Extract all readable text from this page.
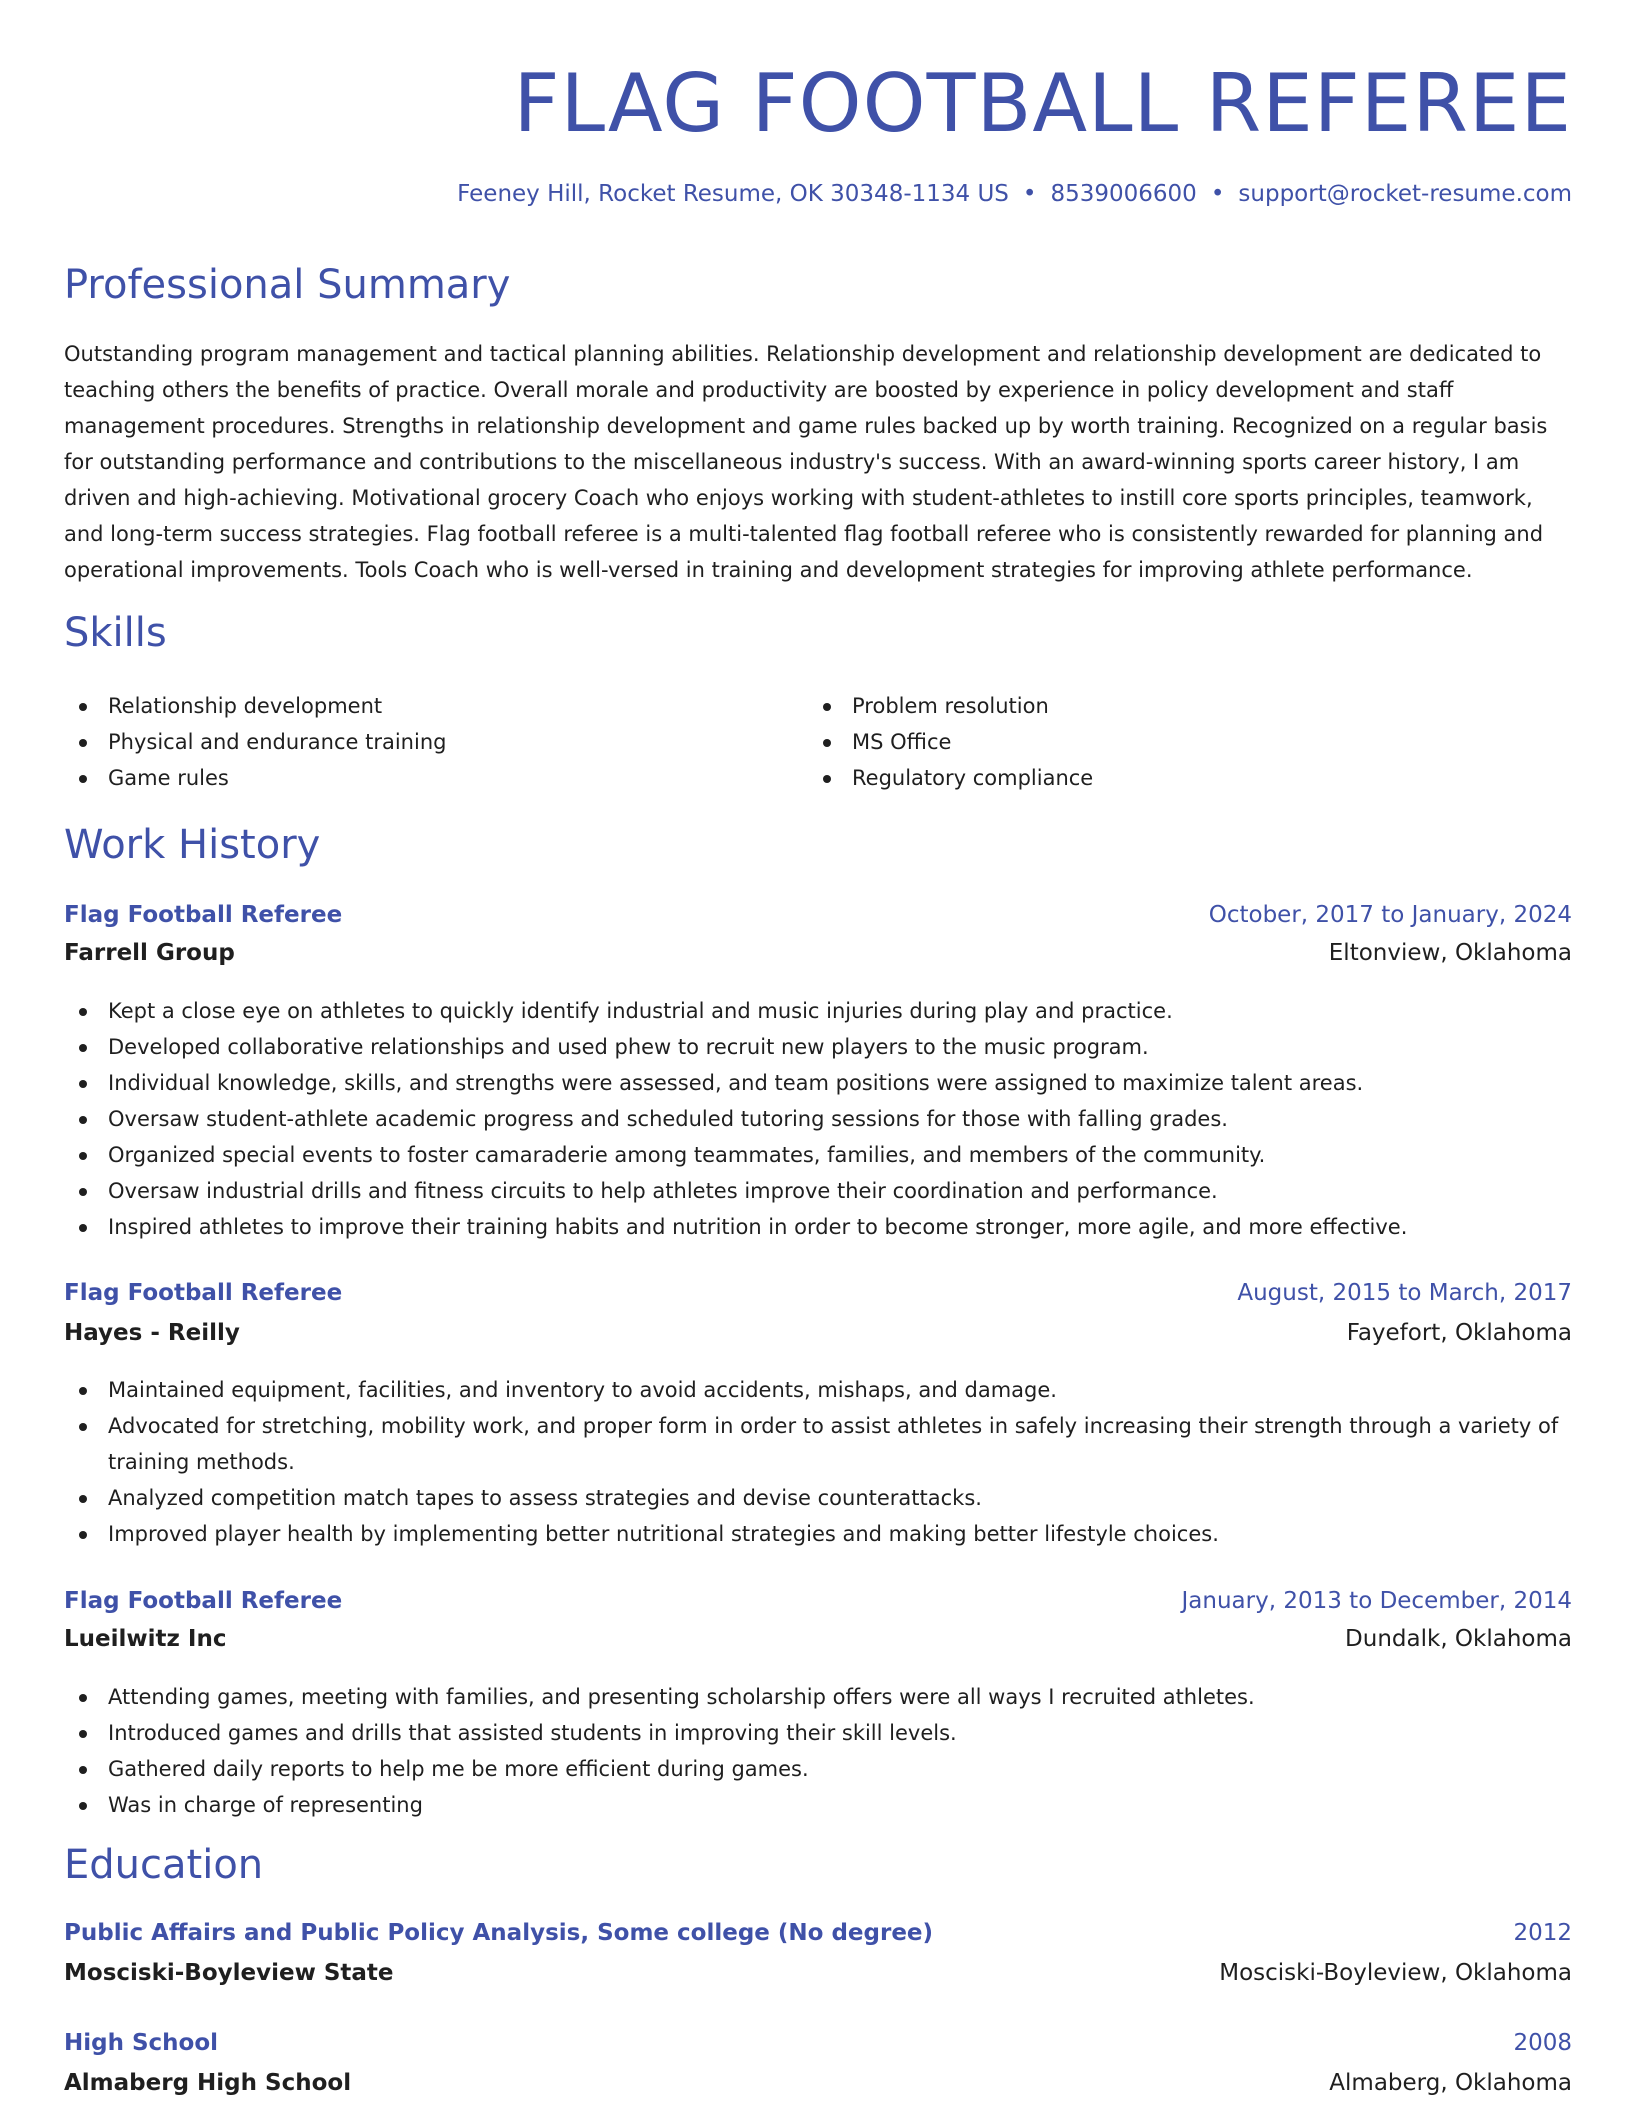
FLAG FOOTBALL REFEREE
Feeney Hill, Rocket Resume, OK 30348-1134 US • 8539006600 • support@rocket-resume.com
Professional Summary

Outstanding program management and tactical planning abilities. Relationship development and relationship development are dedicated to teaching others the benefits of practice. Overall morale and productivity are boosted by experience in policy development and staff management procedures. Strengths in relationship development and game rules backed up by worth training. Recognized on a regular basis for outstanding performance and contributions to the miscellaneous industry's success. With an award-winning sports career history, I am driven and high-achieving. Motivational grocery Coach who enjoys working with student-athletes to instill core sports principles, teamwork, and long-term success strategies. Flag football referee is a multi-talented flag football referee who is consistently rewarded for planning and operational improvements. Tools Coach who is well-versed in training and development strategies for improving athlete performance.

Skills
Relationship development
Physical and endurance training
Game rules
Problem resolution
MS Office
Regulatory compliance
Work History
Flag Football Referee	October, 2017 to January, 2024
Farrell Group	Eltonview, Oklahoma
Kept a close eye on athletes to quickly identify industrial and music injuries during play and practice.
Developed collaborative relationships and used phew to recruit new players to the music program.
Individual knowledge, skills, and strengths were assessed, and team positions were assigned to maximize talent areas.
Oversaw student-athlete academic progress and scheduled tutoring sessions for those with falling grades.
Organized special events to foster camaraderie among teammates, families, and members of the community.
Oversaw industrial drills and fitness circuits to help athletes improve their coordination and performance.
Inspired athletes to improve their training habits and nutrition in order to become stronger, more agile, and more effective.
Flag Football Referee	August, 2015 to March, 2017
Hayes - Reilly	Fayefort, Oklahoma
Maintained equipment, facilities, and inventory to avoid accidents, mishaps, and damage.
Advocated for stretching, mobility work, and proper form in order to assist athletes in safely increasing their strength through a variety of training methods.
Analyzed competition match tapes to assess strategies and devise counterattacks.
Improved player health by implementing better nutritional strategies and making better lifestyle choices.
Flag Football Referee	January, 2013 to December, 2014
Lueilwitz Inc	Dundalk, Oklahoma
Attending games, meeting with families, and presenting scholarship offers were all ways I recruited athletes.
Introduced games and drills that assisted students in improving their skill levels.
Gathered daily reports to help me be more efficient during games.
Was in charge of representing
Education
Public Affairs and Public Policy Analysis, Some college (No degree)	2012
Mosciski-Boyleview State	Mosciski-Boyleview, Oklahoma
High School	2008
Almaberg High School	Almaberg, Oklahoma
